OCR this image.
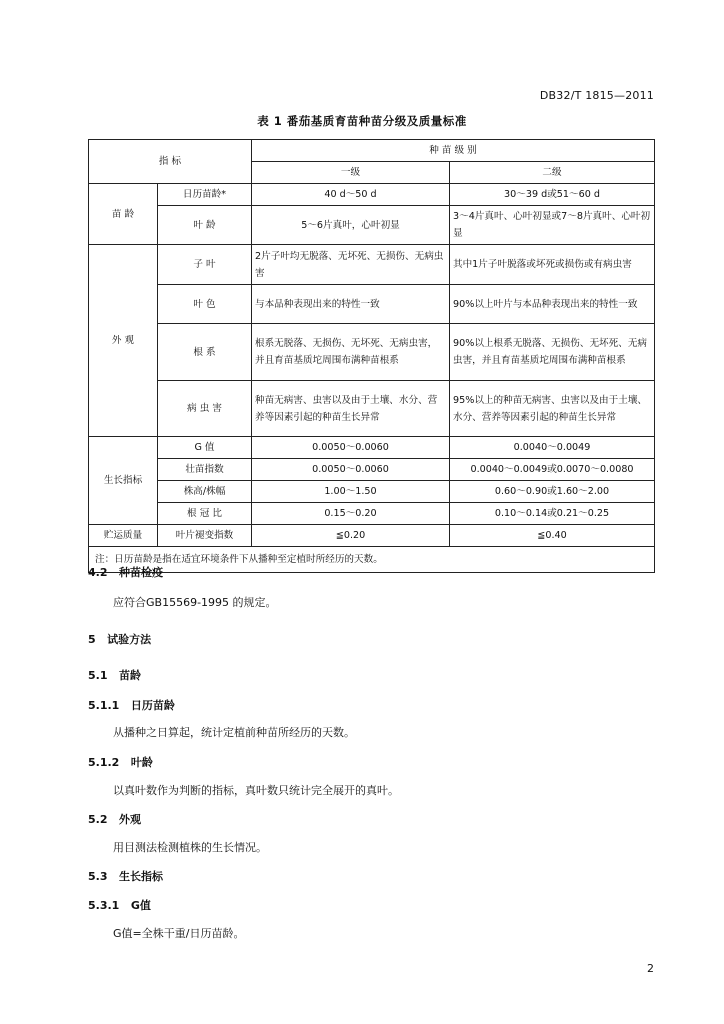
DB32/T 1815—2011
表 1 番茄基质育苗种苗分级及质量标准
指 标		种 苗 级 别	
		一级	二级
苗 龄	日历苗龄*	40 d～50 d	30～39 d或51～60 d
	叶 龄	5～6片真叶，心叶初显	3～4片真叶、心叶初显或7～8片真叶、心叶初显
外 观	子 叶	2片子叶均无脱落、无坏死、无损伤、无病虫害	其中1片子叶脱落或坏死或损伤或有病虫害
	叶 色	与本品种表现出来的特性一致	90%以上叶片与本品种表现出来的特性一致
	根 系	根系无脱落、无损伤、无坏死、无病虫害，并且育苗基质坨周围布满种苗根系	90%以上根系无脱落、无损伤、无坏死、无病虫害，并且育苗基质坨周围布满种苗根系
	病 虫 害	种苗无病害、虫害以及由于土壤、水分、营养等因素引起的种苗生长异常	95%以上的种苗无病害、虫害以及由于土壤、水分、营养等因素引起的种苗生长异常
生长指标	G 值	0.0050～0.0060	0.0040～0.0049
	壮苗指数	0.0050～0.0060	0.0040～0.0049或0.0070～0.0080
	株高/株幅	1.00～1.50	0.60～0.90或1.60～2.00
	根 冠 比	0.15～0.20	0.10～0.14或0.21～0.25
贮运质量	叶片褪变指数	≦0.20	≦0.40
注：日历苗龄是指在适宜环境条件下从播种至定植时所经历的天数。			
4.2 种苗检疫
应符合GB15569-1995 的规定。
5 试验方法
5.1 苗龄
5.1.1 日历苗龄
从播种之日算起，统计定植前种苗所经历的天数。
5.1.2 叶龄
以真叶数作为判断的指标，真叶数只统计完全展开的真叶。
5.2 外观
用目测法检测植株的生长情况。
5.3 生长指标
5.3.1 G值
G值=全株干重/日历苗龄。
2
